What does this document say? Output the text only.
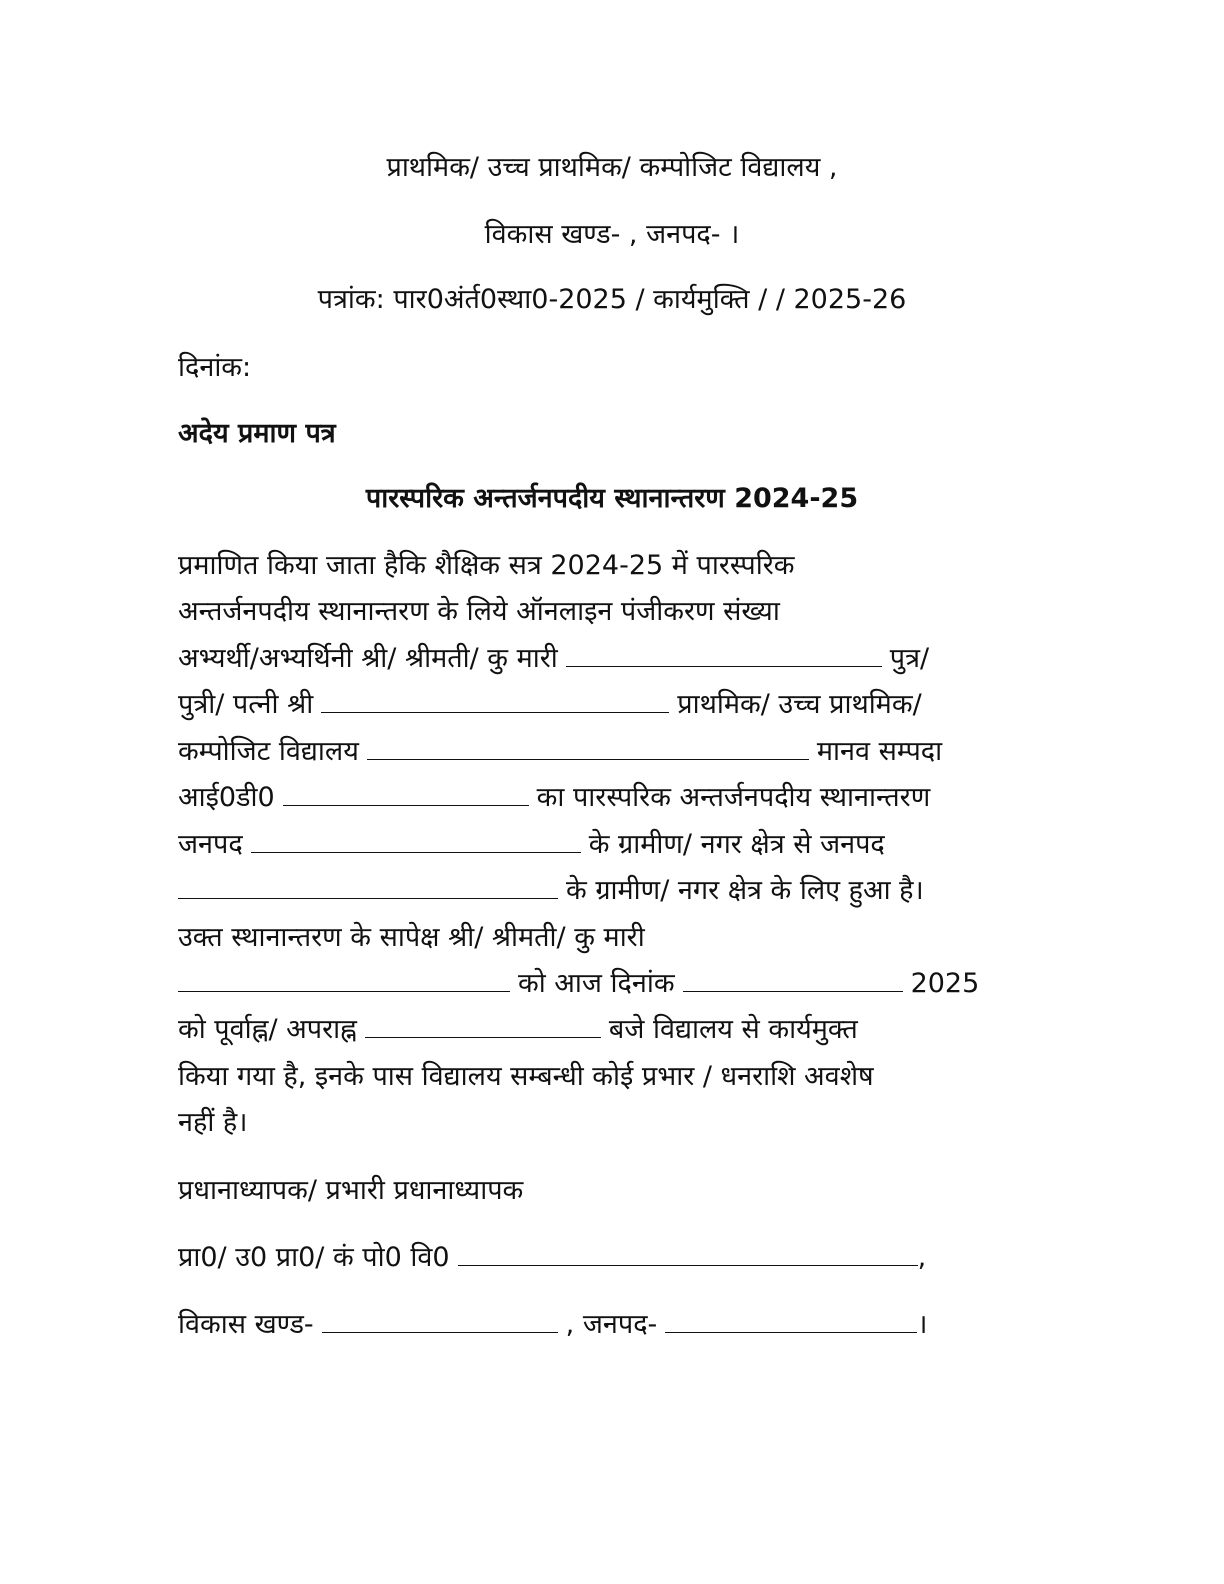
प्राथमिक/ उच्च प्राथमिक/ कम्पोजिट विद्यालय ,
विकास खण्ड- , जनपद- ।
पत्रांक: पार0अंर्त0स्था0-2025 / कार्यमुक्ति / / 2025-26
दिनांक:
अदेय प्रमाण पत्र
पारस्परिक अन्तर्जनपदीय स्थानान्तरण 2024-25
प्रमाणित किया जाता हैकि शैक्षिक सत्र 2024-25 में पारस्परिक
अन्तर्जनपदीय स्थानान्तरण के लिये ऑनलाइन पंजीकरण संख्या
अभ्यर्थी/अभ्यर्थिनी श्री/ श्रीमती/ कु मारी	पुत्र/
पुत्री/ पत्नी श्री	प्राथमिक/ उच्च प्राथमिक/
कम्पोजिट विद्यालय	मानव सम्पदा
आई0डी0	का पारस्परिक अन्तर्जनपदीय स्थानान्तरण
जनपद	के ग्रामीण/ नगर क्षेत्र से जनपद
के ग्रामीण/ नगर क्षेत्र के लिए हुआ है।
उक्त स्थानान्तरण के सापेक्ष श्री/ श्रीमती/ कु मारी
को आज दिनांक	2025
को पूर्वाह्न/ अपराह्न	बजे विद्यालय से कार्यमुक्त
किया गया है, इनके पास विद्यालय सम्बन्धी कोई प्रभार / धनराशि अवशेष
नहीं है।
प्रधानाध्यापक/ प्रभारी प्रधानाध्यापक
प्रा0/ उ0 प्रा0/ कं पो0 वि0	,
विकास खण्ड-	, जनपद-	।
